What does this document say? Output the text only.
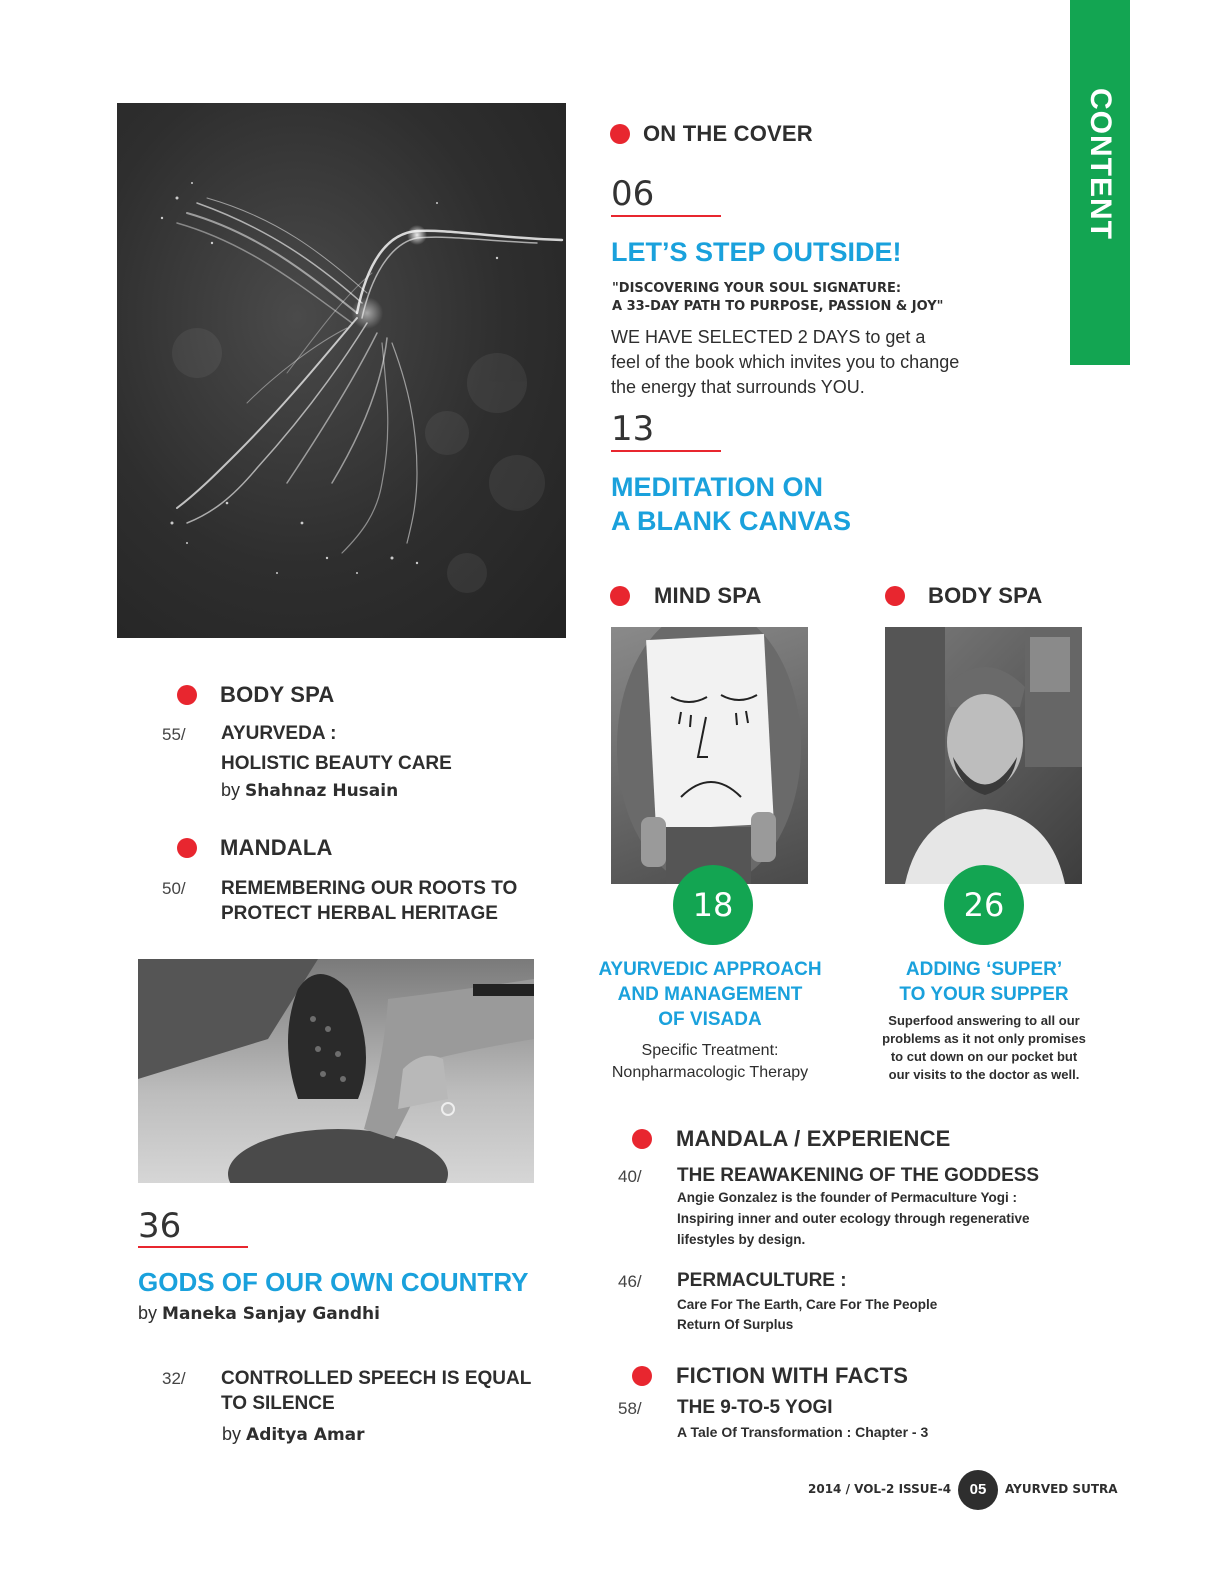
CONTENT
ON THE COVER
06
LET’S STEP OUTSIDE!
"DISCOVERING YOUR SOUL SIGNATURE:
A 33-DAY PATH TO PURPOSE, PASSION & JOY"
WE HAVE SELECTED 2 DAYS to get a
feel of the book which invites you to change
the energy that surrounds YOU.
13
MEDITATION ON
A BLANK CANVAS
MIND SPA
18
AYURVEDIC APPROACH
AND MANAGEMENT
OF VISADA
Specific Treatment:
Nonpharmacologic Therapy
BODY SPA
26
ADDING ‘SUPER’
TO YOUR SUPPER
Superfood answering to all our
problems as it not only promises
to cut down on our pocket but
our visits to the doctor as well.
BODY SPA
55/ AYURVEDA :
HOLISTIC BEAUTY CARE
by Shahnaz Husain
MANDALA
50/ REMEMBERING OUR ROOTS TO
PROTECT HERBAL HERITAGE
36
GODS OF OUR OWN COUNTRY
by Maneka Sanjay Gandhi
32/ CONTROLLED SPEECH IS EQUAL
TO SILENCE
by Aditya Amar
MANDALA / EXPERIENCE
40/ THE REAWAKENING OF THE GODDESS
Angie Gonzalez is the founder of Permaculture Yogi :
Inspiring inner and outer ecology through regenerative
lifestyles by design.
46/ PERMACULTURE :
Care For The Earth, Care For The People
Return Of Surplus
FICTION WITH FACTS
58/ THE 9-TO-5 YOGI
A Tale Of Transformation : Chapter - 3
2014 / VOL-2 ISSUE-4	05	AYURVED SUTRA
